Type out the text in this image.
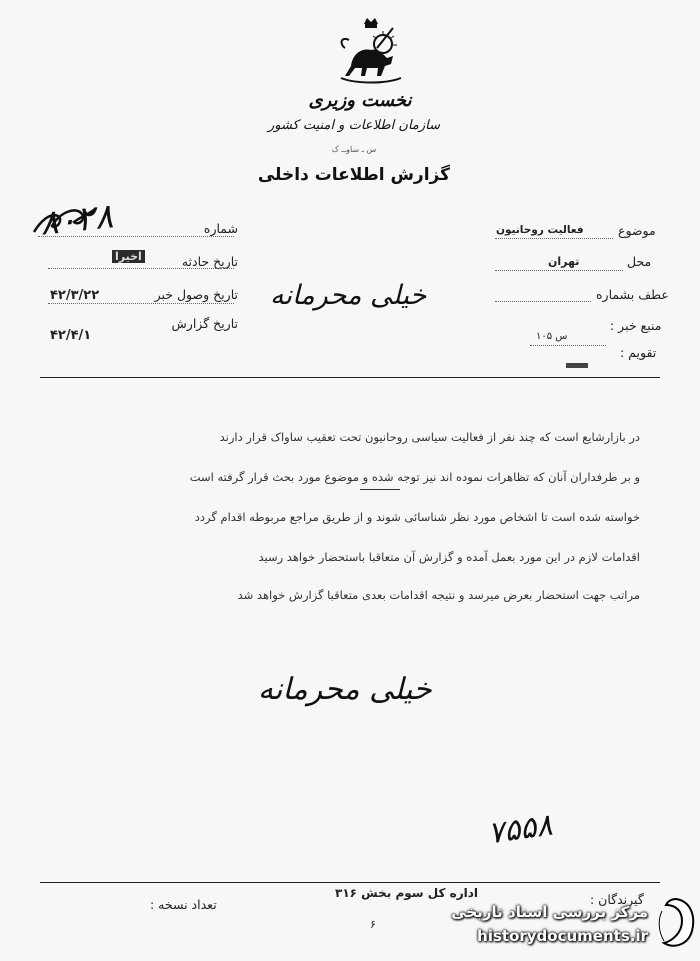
نخست وزیری
سازمان اطلاعات و امنیت کشور
س ـ ساوــ ک
گزارش اطلاعات داخلی
شماره
۸۰۲۸
تاریخ حادثه
اخیرا
تاریخ وصول خبر
۴۲/۳/۲۲
تاریخ گزارش
۴۲/۴/۱
خیلی محرمانه
موضوع
فعالیت روحانیون
محل
تهران
عطف بشماره
منبع خبر :
س ۱۰۵
تقویم :
در بازارشایع است که چند نفر از فعالیت سیاسی روحانیون تحت تعقیب ساواک قرار دارند
و بر طرفداران آنان که تظاهرات نموده اند نیز توجه شده و موضوع مورد بحث قرار گرفته است
خواسته شده است تا اشخاص مورد نظر شناسائی شوند و از طریق مراجع مربوطه اقدام گردد
اقدامات لازم در این مورد بعمل آمده و گزارش آن متعاقبا باستحضار خواهد رسید
مراتب جهت استحضار بعرض میرسد و نتیجه اقدامات بعدی متعاقبا گزارش خواهد شد
خیلی محرمانه
۷۵۵۸
اداره کل سوم بخش ۳۱۶	گیرندگان :
تعداد نسخه :
۶
مرکز بررسی اسناد تاریخی
historydocuments.ir
